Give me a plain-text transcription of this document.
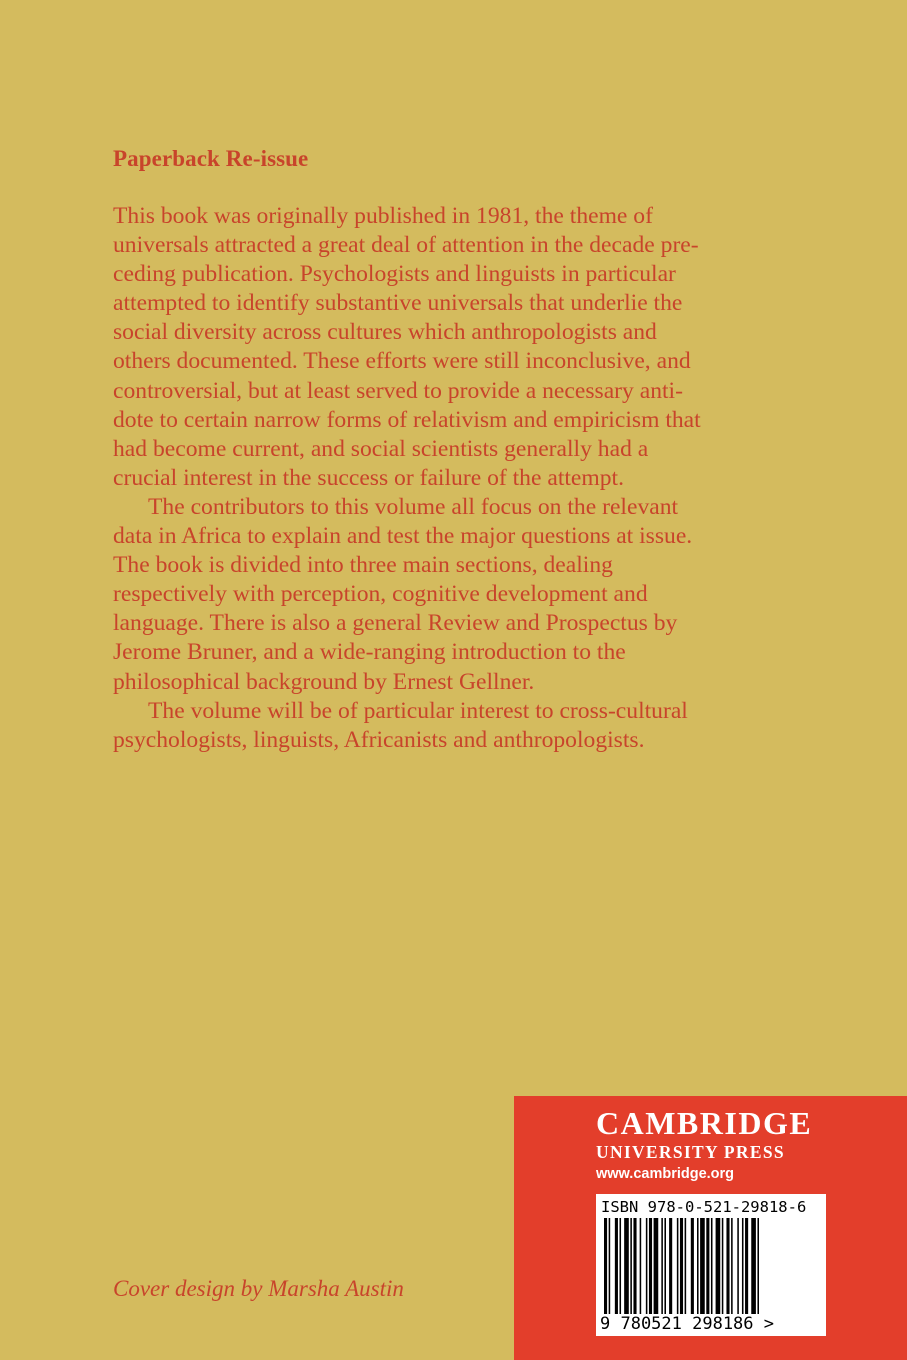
Paperback Re-issue
This book was originally published in 1981, the theme of
universals attracted a great deal of attention in the decade pre-
ceding publication. Psychologists and linguists in particular
attempted to identify substantive universals that underlie the
social diversity across cultures which anthropologists and
others documented. These efforts were still inconclusive, and
controversial, but at least served to provide a necessary anti-
dote to certain narrow forms of relativism and empiricism that
had become current, and social scientists generally had a
crucial interest in the success or failure of the attempt.
The contributors to this volume all focus on the relevant
data in Africa to explain and test the major questions at issue.
The book is divided into three main sections, dealing
respectively with perception, cognitive development and
language. There is also a general Review and Prospectus by
Jerome Bruner, and a wide-ranging introduction to the
philosophical background by Ernest Gellner.
The volume will be of particular interest to cross-cultural
psychologists, linguists, Africanists and anthropologists.

Cover design by Marsha Austin

CAMBRIDGE

UNIVERSITY PRESS

www.cambridge.org

ISBN 978-0-521-29818-6

9 780521 298186 >
